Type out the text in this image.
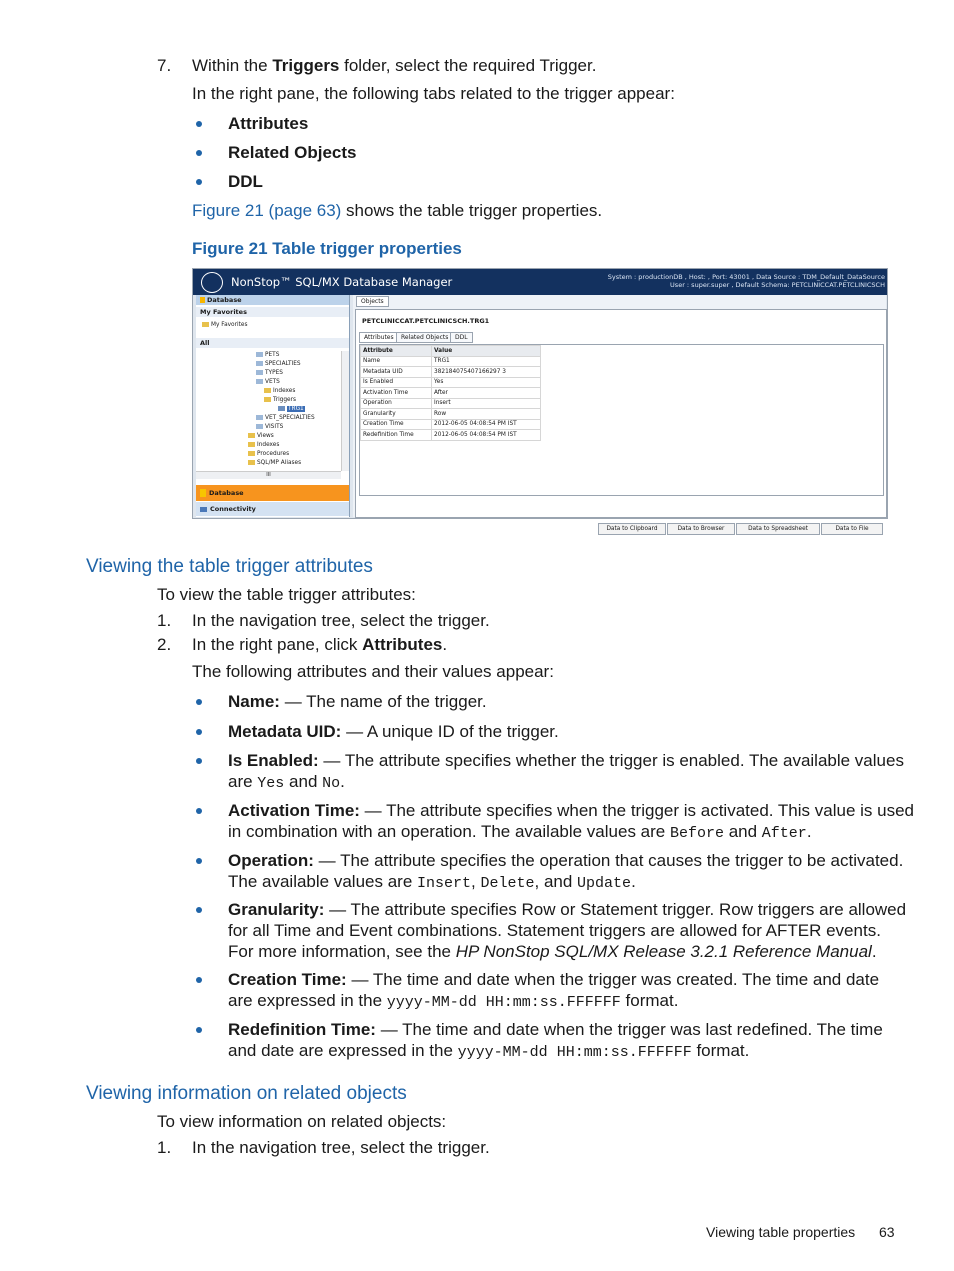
7. Within the Triggers folder, select the required Trigger.
In the right pane, the following tabs related to the trigger appear:
Attributes
Related Objects
DDL
Figure 21 (page 63) shows the table trigger properties.
Figure 21 Table trigger properties
NonStop™ SQL/MX Database Manager	System : productionDB , Host: , Port: 43001 , Data Source : TDM_Default_DataSource
User : super.super , Default Schema: PETCLINICCAT.PETCLINICSCH
Database
My Favorites
My Favorites
All
PETS
SPECIALTIES
TYPES
VETS
Indexes
Triggers
TRG1
VET_SPECIALTIES
VISITS
Views
Indexes
Procedures
SQL/MP Aliases
III
Database
Connectivity
Objects
PETCLINICCAT.PETCLINICSCH.TRG1
Attributes	Related Objects	DDL
Attribute	Value
Name	TRG1
Metadata UID	382184075407166297 3
Is Enabled	Yes
Activation Time	After
Operation	Insert
Granularity	Row
Creation Time	2012-06-05 04:08:54 PM IST
Redefinition Time	2012-06-05 04:08:54 PM IST
Data to Clipboard	Data to Browser	Data to Spreadsheet	Data to File
Viewing the table trigger attributes
To view the table trigger attributes:
1. In the navigation tree, select the trigger.
2. In the right pane, click Attributes.
The following attributes and their values appear:
Name: — The name of the trigger.
Metadata UID: — A unique ID of the trigger.
Is Enabled: — The attribute specifies whether the trigger is enabled. The available values
are Yes and No.
Activation Time: — The attribute specifies when the trigger is activated. This value is used
in combination with an operation. The available values are Before and After.
Operation: — The attribute specifies the operation that causes the trigger to be activated.
The available values are Insert, Delete, and Update.
Granularity: — The attribute specifies Row or Statement trigger. Row triggers are allowed
for all Time and Event combinations. Statement triggers are allowed for AFTER events.
For more information, see the HP NonStop SQL/MX Release 3.2.1 Reference Manual.
Creation Time: — The time and date when the trigger was created. The time and date
are expressed in the yyyy-MM-dd HH:mm:ss.FFFFFF format.
Redefinition Time: — The time and date when the trigger was last redefined. The time
and date are expressed in the yyyy-MM-dd HH:mm:ss.FFFFFF format.
Viewing information on related objects
To view information on related objects:
1. In the navigation tree, select the trigger.
Viewing table properties 63
